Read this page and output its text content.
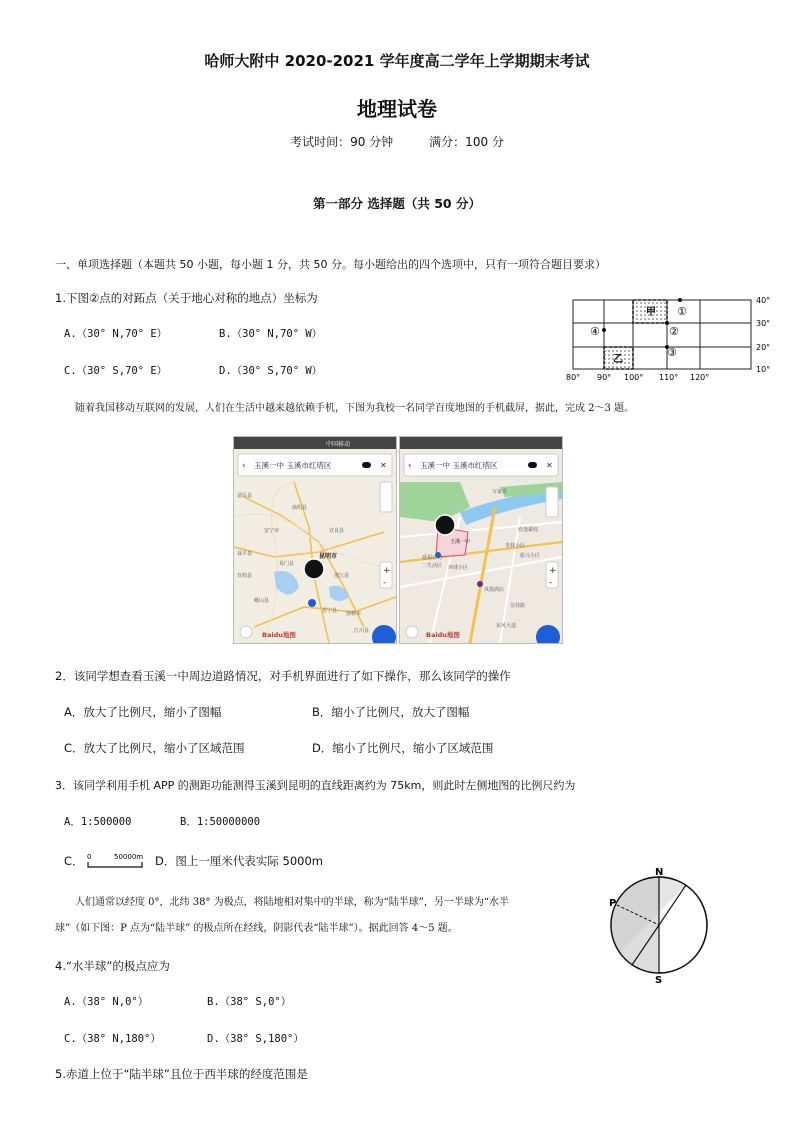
哈师大附中 2020-2021 学年度高二学年上学期期末考试
地理试卷
考试时间：90 分钟　　　满分：100 分
第一部分 选择题（共 50 分）
一、单项选择题（本题共 50 小题，每小题 1 分，共 50 分。每小题给出的四个选项中，只有一项符合题目要求）
1.下图②点的对跖点（关于地心对称的地点）坐标为
A.（30° N,70° E）	B.（30° N,70° W）
C.（30° S,70° E）	D.（30° S,70° W）
甲
乙
①
②
③
④
40°
30°
20°
10°
80° 90° 100° 110° 120°
随着我国移动互联网的发展，人们在生活中越来越依赖手机，下图为我校一名同学百度地图的手机截屏，据此，完成 2～3 题。
中国移动
‹ 玉溪一中 玉溪市红塔区	✕
+
-
Baidu地图
富民县
嵩明县
昆明市
宜良县
晋宁县
禄丰县
安宁市
易门县
双柏县
峨山县
澄江县
弥勒市
江川县
‹ 玉溪一中 玉溪市红塔区	✕
+
-
Baidu地图
玉溪一中
万家乐
欣逸豪庭
环球小区
凤凰酒店
二生活区
延福公司
青林小区
振兴小区
东风大道
杂技路
2．该同学想查看玉溪一中周边道路情况，对手机界面进行了如下操作，那么该同学的操作
A．放大了比例尺，缩小了图幅	B．缩小了比例尺，放大了图幅
C．放大了比例尺，缩小了区域范围	D．缩小了比例尺，缩小了区域范围
3．该同学利用手机 APP 的测距功能测得玉溪到昆明的直线距离约为 75km，则此时左侧地图的比例尺约为
A．1:500000	B．1:50000000
C． 0	50000m D．图上一厘米代表实际 5000m
人们通常以经度 0°，北纬 38° 为极点，将陆地相对集中的半球，称为“陆半球”，另一半球为“水半
球”（如下图：P 点为“陆半球” 的极点所在经线，阴影代表“陆半球”）。据此回答 4～5 题。
N
S
P
4.“水半球”的极点应为
A.（38° N,0°）	B.（38° S,0°）
C.（38° N,180°）	D.（38° S,180°）
5.赤道上位于“陆半球”且位于西半球的经度范围是
